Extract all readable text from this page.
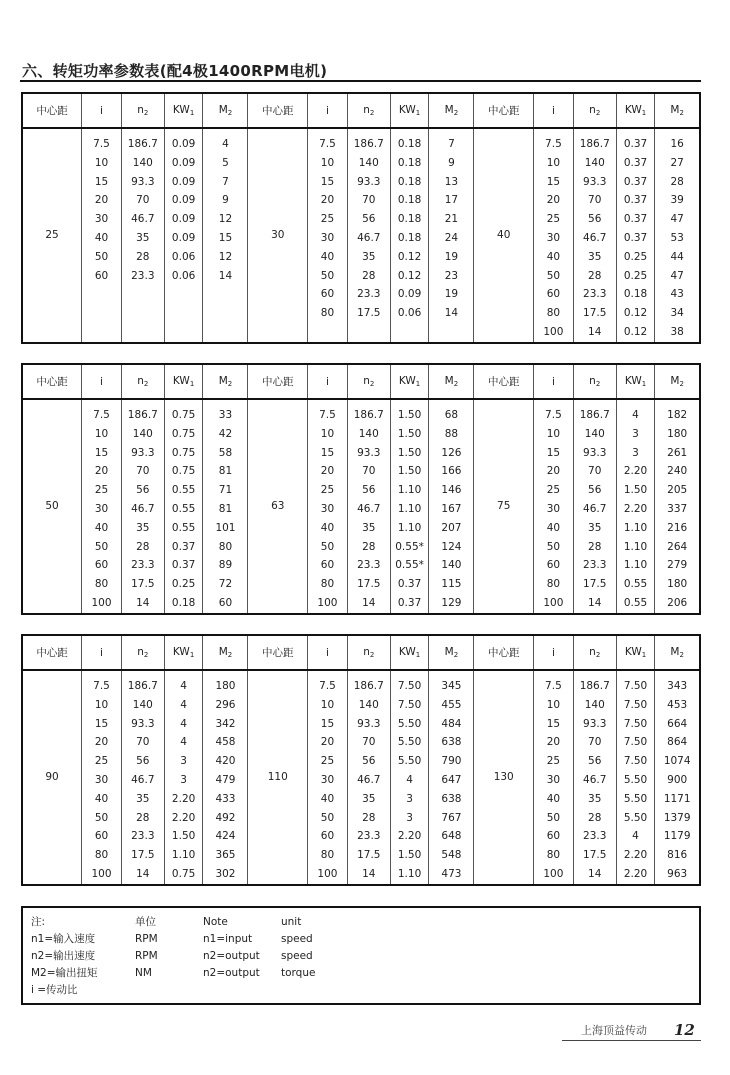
六、转矩功率参数表(配4极1400RPM电机)
中心距	i	$n_2$	$KW_1$	$M_2$	中心距	i	$n_2$	$KW_1$	$M_2$	中心距	i	$n_2$	$KW_1$	$M_2$
25	7.5	186.7	0.09	4	30	7.5	186.7	0.18	7	40	7.5	186.7	0.37	16
	10	140	0.09	5		10	140	0.18	9		10	140	0.37	27
	15	93.3	0.09	7		15	93.3	0.18	13		15	93.3	0.37	28
	20	70	0.09	9		20	70	0.18	17		20	70	0.37	39
	30	46.7	0.09	12		25	56	0.18	21		25	56	0.37	47
	40	35	0.09	15		30	46.7	0.18	24		30	46.7	0.37	53
	50	28	0.06	12		40	35	0.12	19		40	35	0.25	44
	60	23.3	0.06	14		50	28	0.12	23		50	28	0.25	47
						60	23.3	0.09	19		60	23.3	0.18	43
						80	17.5	0.06	14		80	17.5	0.12	34
											100	14	0.12	38
中心距	i	$n_2$	$KW_1$	$M_2$	中心距	i	$n_2$	$KW_1$	$M_2$	中心距	i	$n_2$	$KW_1$	$M_2$
50	7.5	186.7	0.75	33	63	7.5	186.7	1.50	68	75	7.5	186.7	4	182
	10	140	0.75	42		10	140	1.50	88		10	140	3	180
	15	93.3	0.75	58		15	93.3	1.50	126		15	93.3	3	261
	20	70	0.75	81		20	70	1.50	166		20	70	2.20	240
	25	56	0.55	71		25	56	1.10	146		25	56	1.50	205
	30	46.7	0.55	81		30	46.7	1.10	167		30	46.7	2.20	337
	40	35	0.55	101		40	35	1.10	207		40	35	1.10	216
	50	28	0.37	80		50	28	0.55*	124		50	28	1.10	264
	60	23.3	0.37	89		60	23.3	0.55*	140		60	23.3	1.10	279
	80	17.5	0.25	72		80	17.5	0.37	115		80	17.5	0.55	180
	100	14	0.18	60		100	14	0.37	129		100	14	0.55	206
中心距	i	$n_2$	$KW_1$	$M_2$	中心距	i	$n_2$	$KW_1$	$M_2$	中心距	i	$n_2$	$KW_1$	$M_2$
90	7.5	186.7	4	180	110	7.5	186.7	7.50	345	130	7.5	186.7	7.50	343
	10	140	4	296		10	140	7.50	455		10	140	7.50	453
	15	93.3	4	342		15	93.3	5.50	484		15	93.3	7.50	664
	20	70	4	458		20	70	5.50	638		20	70	7.50	864
	25	56	3	420		25	56	5.50	790		25	56	7.50	1074
	30	46.7	3	479		30	46.7	4	647		30	46.7	5.50	900
	40	35	2.20	433		40	35	3	638		40	35	5.50	1171
	50	28	2.20	492		50	28	3	767		50	28	5.50	1379
	60	23.3	1.50	424		60	23.3	2.20	648		60	23.3	4	1179
	80	17.5	1.10	365		80	17.5	1.50	548		80	17.5	2.20	816
	100	14	0.75	302		100	14	1.10	473		100	14	2.20	963
注:	单位	Note	unit
n1=输入速度	RPM	n1=input	speed
n2=输出速度	RPM	n2=output speed
M2=输出扭矩	NM	n2=output torque
i =传动比
上海顶益传动 12
